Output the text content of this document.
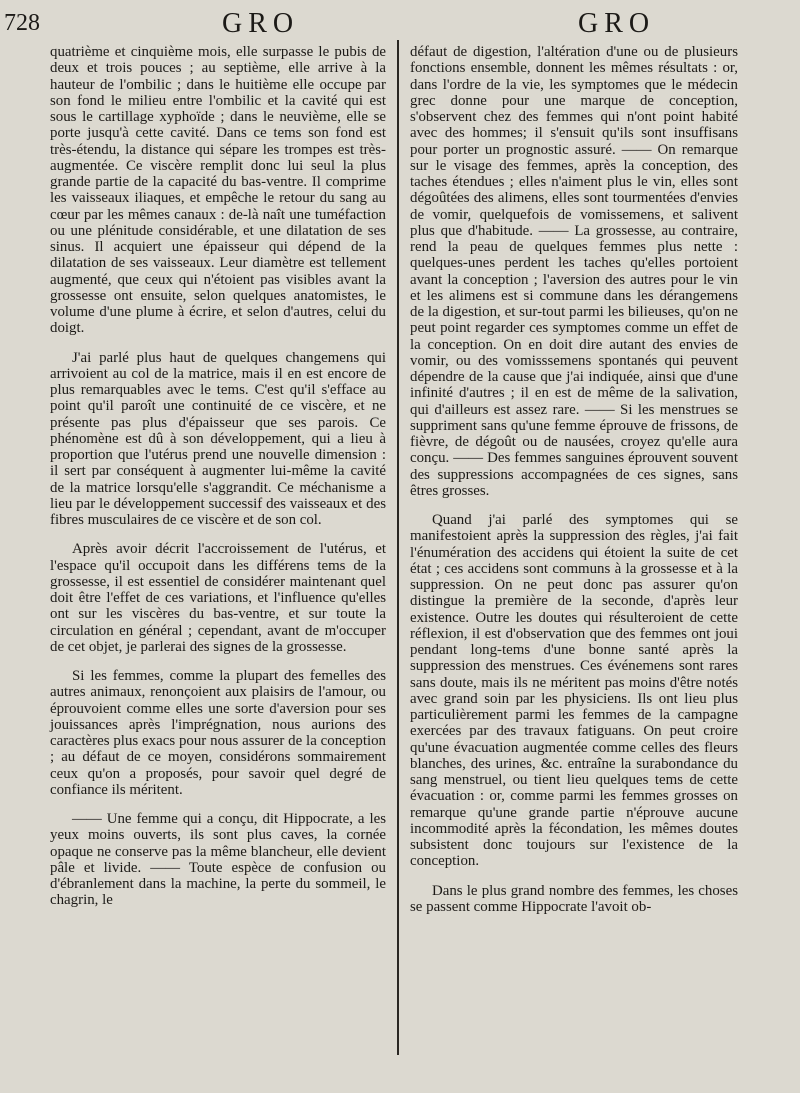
728	GRO	GRO

quatrième et cinquième mois, elle surpasse le pubis de deux et trois pouces ; au septième, elle arrive à la hauteur de l'ombilic ; dans le huitième elle occupe par son fond le milieu entre l'ombilic et la cavité qui est sous le cartillage xyphoïde ; dans le neuvième, elle se porte jusqu'à cette cavité. Dans ce tems son fond est très-étendu, la distance qui sépare les trompes est très-augmentée. Ce viscère remplit donc lui seul la plus grande partie de la capacité du bas-ventre. Il comprime les vaisseaux iliaques, et empêche le retour du sang au cœur par les mêmes canaux : de-là naît une tuméfaction ou une plénitude considérable, et une dilatation de ses sinus. Il acquiert une épaisseur qui dépend de la dilatation de ses vaisseaux. Leur diamètre est tellement augmenté, que ceux qui n'étoient pas visibles avant la grossesse ont ensuite, selon quelques anatomistes, le volume d'une plume à écrire, et selon d'autres, celui du doigt.

J'ai parlé plus haut de quelques changemens qui arrivoient au col de la matrice, mais il en est encore de plus remarquables avec le tems. C'est qu'il s'efface au point qu'il paroît une continuité de ce viscère, et ne présente pas plus d'épaisseur que ses parois. Ce phénomène est dû à son développement, qui a lieu à proportion que l'utérus prend une nouvelle dimension : il sert par conséquent à augmenter lui-même la cavité de la matrice lorsqu'elle s'aggrandit. Ce méchanisme a lieu par le développement successif des vaisseaux et des fibres musculaires de ce viscère et de son col.

Après avoir décrit l'accroissement de l'utérus, et l'espace qu'il occupoit dans les différens tems de la grossesse, il est essentiel de considérer maintenant quel doit être l'effet de ces variations, et l'influence qu'elles ont sur les viscères du bas-ventre, et sur toute la circulation en général ; cependant, avant de m'occuper de cet objet, je parlerai des signes de la grossesse.

Si les femmes, comme la plupart des femelles des autres animaux, renonçoient aux plaisirs de l'amour, ou éprouvoient comme elles une sorte d'aversion pour ses jouissances après l'imprégnation, nous aurions des caractères plus exacs pour nous assurer de la conception ; au défaut de ce moyen, considérons sommairement ceux qu'on a proposés, pour savoir quel degré de confiance ils méritent.

—— Une femme qui a conçu, dit Hippocrate, a les yeux moins ouverts, ils sont plus caves, la cornée opaque ne conserve pas la même blancheur, elle devient pâle et livide. —— Toute espèce de confusion ou d'ébranlement dans la machine, la perte du sommeil, le chagrin, le

défaut de digestion, l'altération d'une ou de plusieurs fonctions ensemble, donnent les mêmes résultats : or, dans l'ordre de la vie, les symptomes que le médecin grec donne pour une marque de conception, s'observent chez des femmes qui n'ont point habité avec des hommes; il s'ensuit qu'ils sont insuffisans pour porter un prognostic assuré. —— On remarque sur le visage des femmes, après la conception, des taches étendues ; elles n'aiment plus le vin, elles sont dégoûtées des alimens, elles sont tourmentées d'envies de vomir, quelquefois de vomissemens, et salivent plus que d'habitude. —— La grossesse, au contraire, rend la peau de quelques femmes plus nette : quelques-unes perdent les taches qu'elles portoient avant la conception ; l'aversion des autres pour le vin et les alimens est si commune dans les dérangemens de la digestion, et sur-tout parmi les bilieuses, qu'on ne peut point regarder ces symptomes comme un effet de la conception. On en doit dire autant des envies de vomir, ou des vomisssemens spontanés qui peuvent dépendre de la cause que j'ai indiquée, ainsi que d'une infinité d'autres ; il en est de même de la salivation, qui d'ailleurs est assez rare. —— Si les menstrues se suppriment sans qu'une femme éprouve de frissons, de fièvre, de dégoût ou de nausées, croyez qu'elle aura conçu. —— Des femmes sanguines éprouvent souvent des suppressions accompagnées de ces signes, sans êtres grosses.

Quand j'ai parlé des symptomes qui se manifestoient après la suppression des règles, j'ai fait l'énumération des accidens qui étoient la suite de cet état ; ces accidens sont communs à la grossesse et à la suppression. On ne peut donc pas assurer qu'on distingue la première de la seconde, d'après leur existence. Outre les doutes qui résulteroient de cette réflexion, il est d'observation que des femmes ont joui pendant long-tems d'une bonne santé après la suppression des menstrues. Ces événemens sont rares sans doute, mais ils ne méritent pas moins d'être notés avec grand soin par les physiciens. Ils ont lieu plus particulièrement parmi les femmes de la campagne exercées par des travaux fatiguans. On peut croire qu'une évacuation augmentée comme celles des fleurs blanches, des urines, &c. entraîne la surabondance du sang menstruel, ou tient lieu quelques tems de cette évacuation : or, comme parmi les femmes grosses on remarque qu'une grande partie n'éprouve aucune incommodité après la fécondation, les mêmes doutes subsistent donc toujours sur l'existence de la conception.

Dans le plus grand nombre des femmes, les choses se passent comme Hippocrate l'avoit ob-
